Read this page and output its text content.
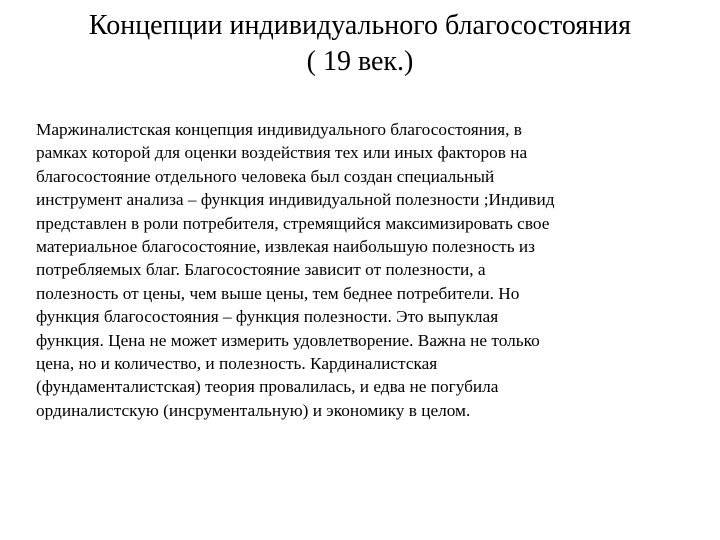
Концепции индивидуального благосостояния
( 19 век.)
Маржиналистская концепция индивидуального благосостояния, в
рамках которой для оценки воздействия тех или иных факторов на
благосостояние отдельного человека был создан специальный
инструмент анализа – функция индивидуальной полезности ;Индивид
представлен в роли потребителя, стремящийся максимизировать свое
материальное благосостояние, извлекая наибольшую полезность из
потребляемых благ. Благосостояние зависит от полезности, а
полезность от цены, чем выше цены, тем беднее потребители. Но
функция благосостояния – функция полезности. Это выпуклая
функция. Цена не может измерить удовлетворение. Важна не только
цена, но и количество, и полезность. Кардиналистская
(фундаменталистская) теория провалилась, и едва не погубила
ординалистскую (инсрументальную) и экономику в целом.
